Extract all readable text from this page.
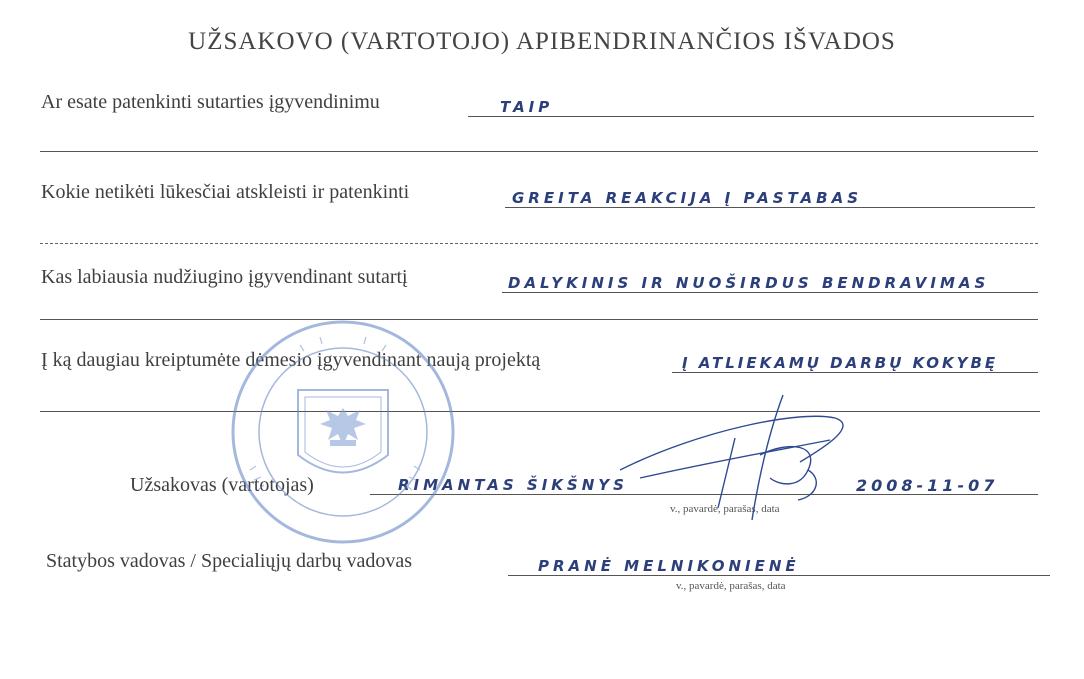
UŽSAKOVO (VARTOTOJO) APIBENDRINANČIOS IŠVADOS
Ar esate patenkinti sutarties įgyvendinimu	TAIP
Kokie netikėti lūkesčiai atskleisti ir patenkinti	GREITA REAKCIJA Į PASTABAS
Kas labiausia nudžiugino įgyvendinant sutartį	DALYKINIS IR NUOŠIRDUS BENDRAVIMAS
Į ką daugiau kreiptumėte dėmesio įgyvendinant naują projektą	Į ATLIEKAMŲ DARBŲ KOKYBĘ
Užsakovas (vartotojas)	RIMANTAS ŠIKŠNYS	2008-11-07
v., pavardė, parašas, data
Statybos vadovas / Specialiųjų darbų vadovas	PRANĖ MELNIKONIENĖ
v., pavardė, parašas, data
